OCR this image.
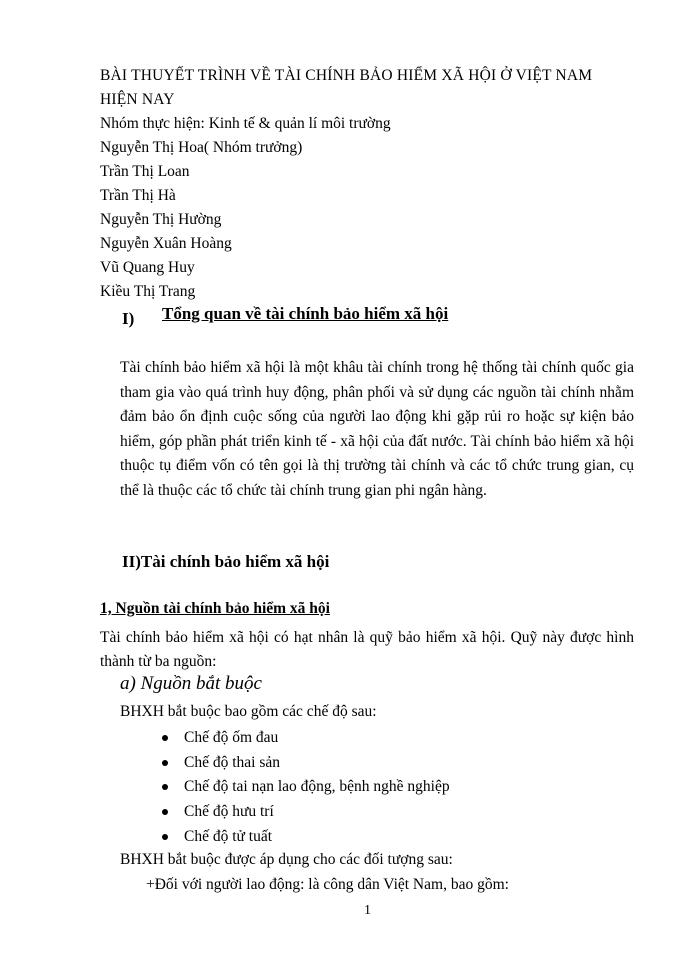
BÀI THUYẾT TRÌNH VỀ TÀI CHÍNH BẢO HIỂM XÃ HỘI Ở VIỆT NAM
HIỆN NAY
Nhóm thực hiện: Kinh tế & quản lí môi trường
Nguyễn Thị Hoa( Nhóm trưởng)
Trần Thị Loan
Trần Thị Hà
Nguyễn Thị Hường
Nguyễn Xuân Hoàng
Vũ Quang Huy
Kiều Thị Trang
I) Tổng quan về tài chính bảo hiểm xã hội
Tài chính bảo hiểm xã hội là một khâu tài chính trong hệ thống tài chính quốc gia tham gia vào quá trình huy động, phân phối và sử dụng các nguồn tài chính nhằm đảm bảo ổn định cuộc sống của người lao động khi gặp rủi ro hoặc sự kiện bảo hiểm, góp phần phát triển kinh tế - xã hội của đất nước. Tài chính bảo hiểm xã hội thuộc tụ điểm vốn có tên gọi là thị trường tài chính và các tổ chức trung gian, cụ thể là thuộc các tổ chức tài chính trung gian phi ngân hàng.
II)Tài chính bảo hiểm xã hội
1, Nguồn tài chính bảo hiểm xã hội
Tài chính bảo hiểm xã hội có hạt nhân là quỹ bảo hiểm xã hội. Quỹ này được hình thành từ ba nguồn:
a) Nguồn bắt buộc
BHXH bắt buộc bao gồm các chế độ sau:
Chế độ ốm đau
Chế độ thai sản
Chế độ tai nạn lao động, bệnh nghề nghiệp
Chế độ hưu trí
Chế độ tử tuất
BHXH bắt buộc được áp dụng cho các đối tượng sau:
+Đối với người lao động: là công dân Việt Nam, bao gồm:
1
